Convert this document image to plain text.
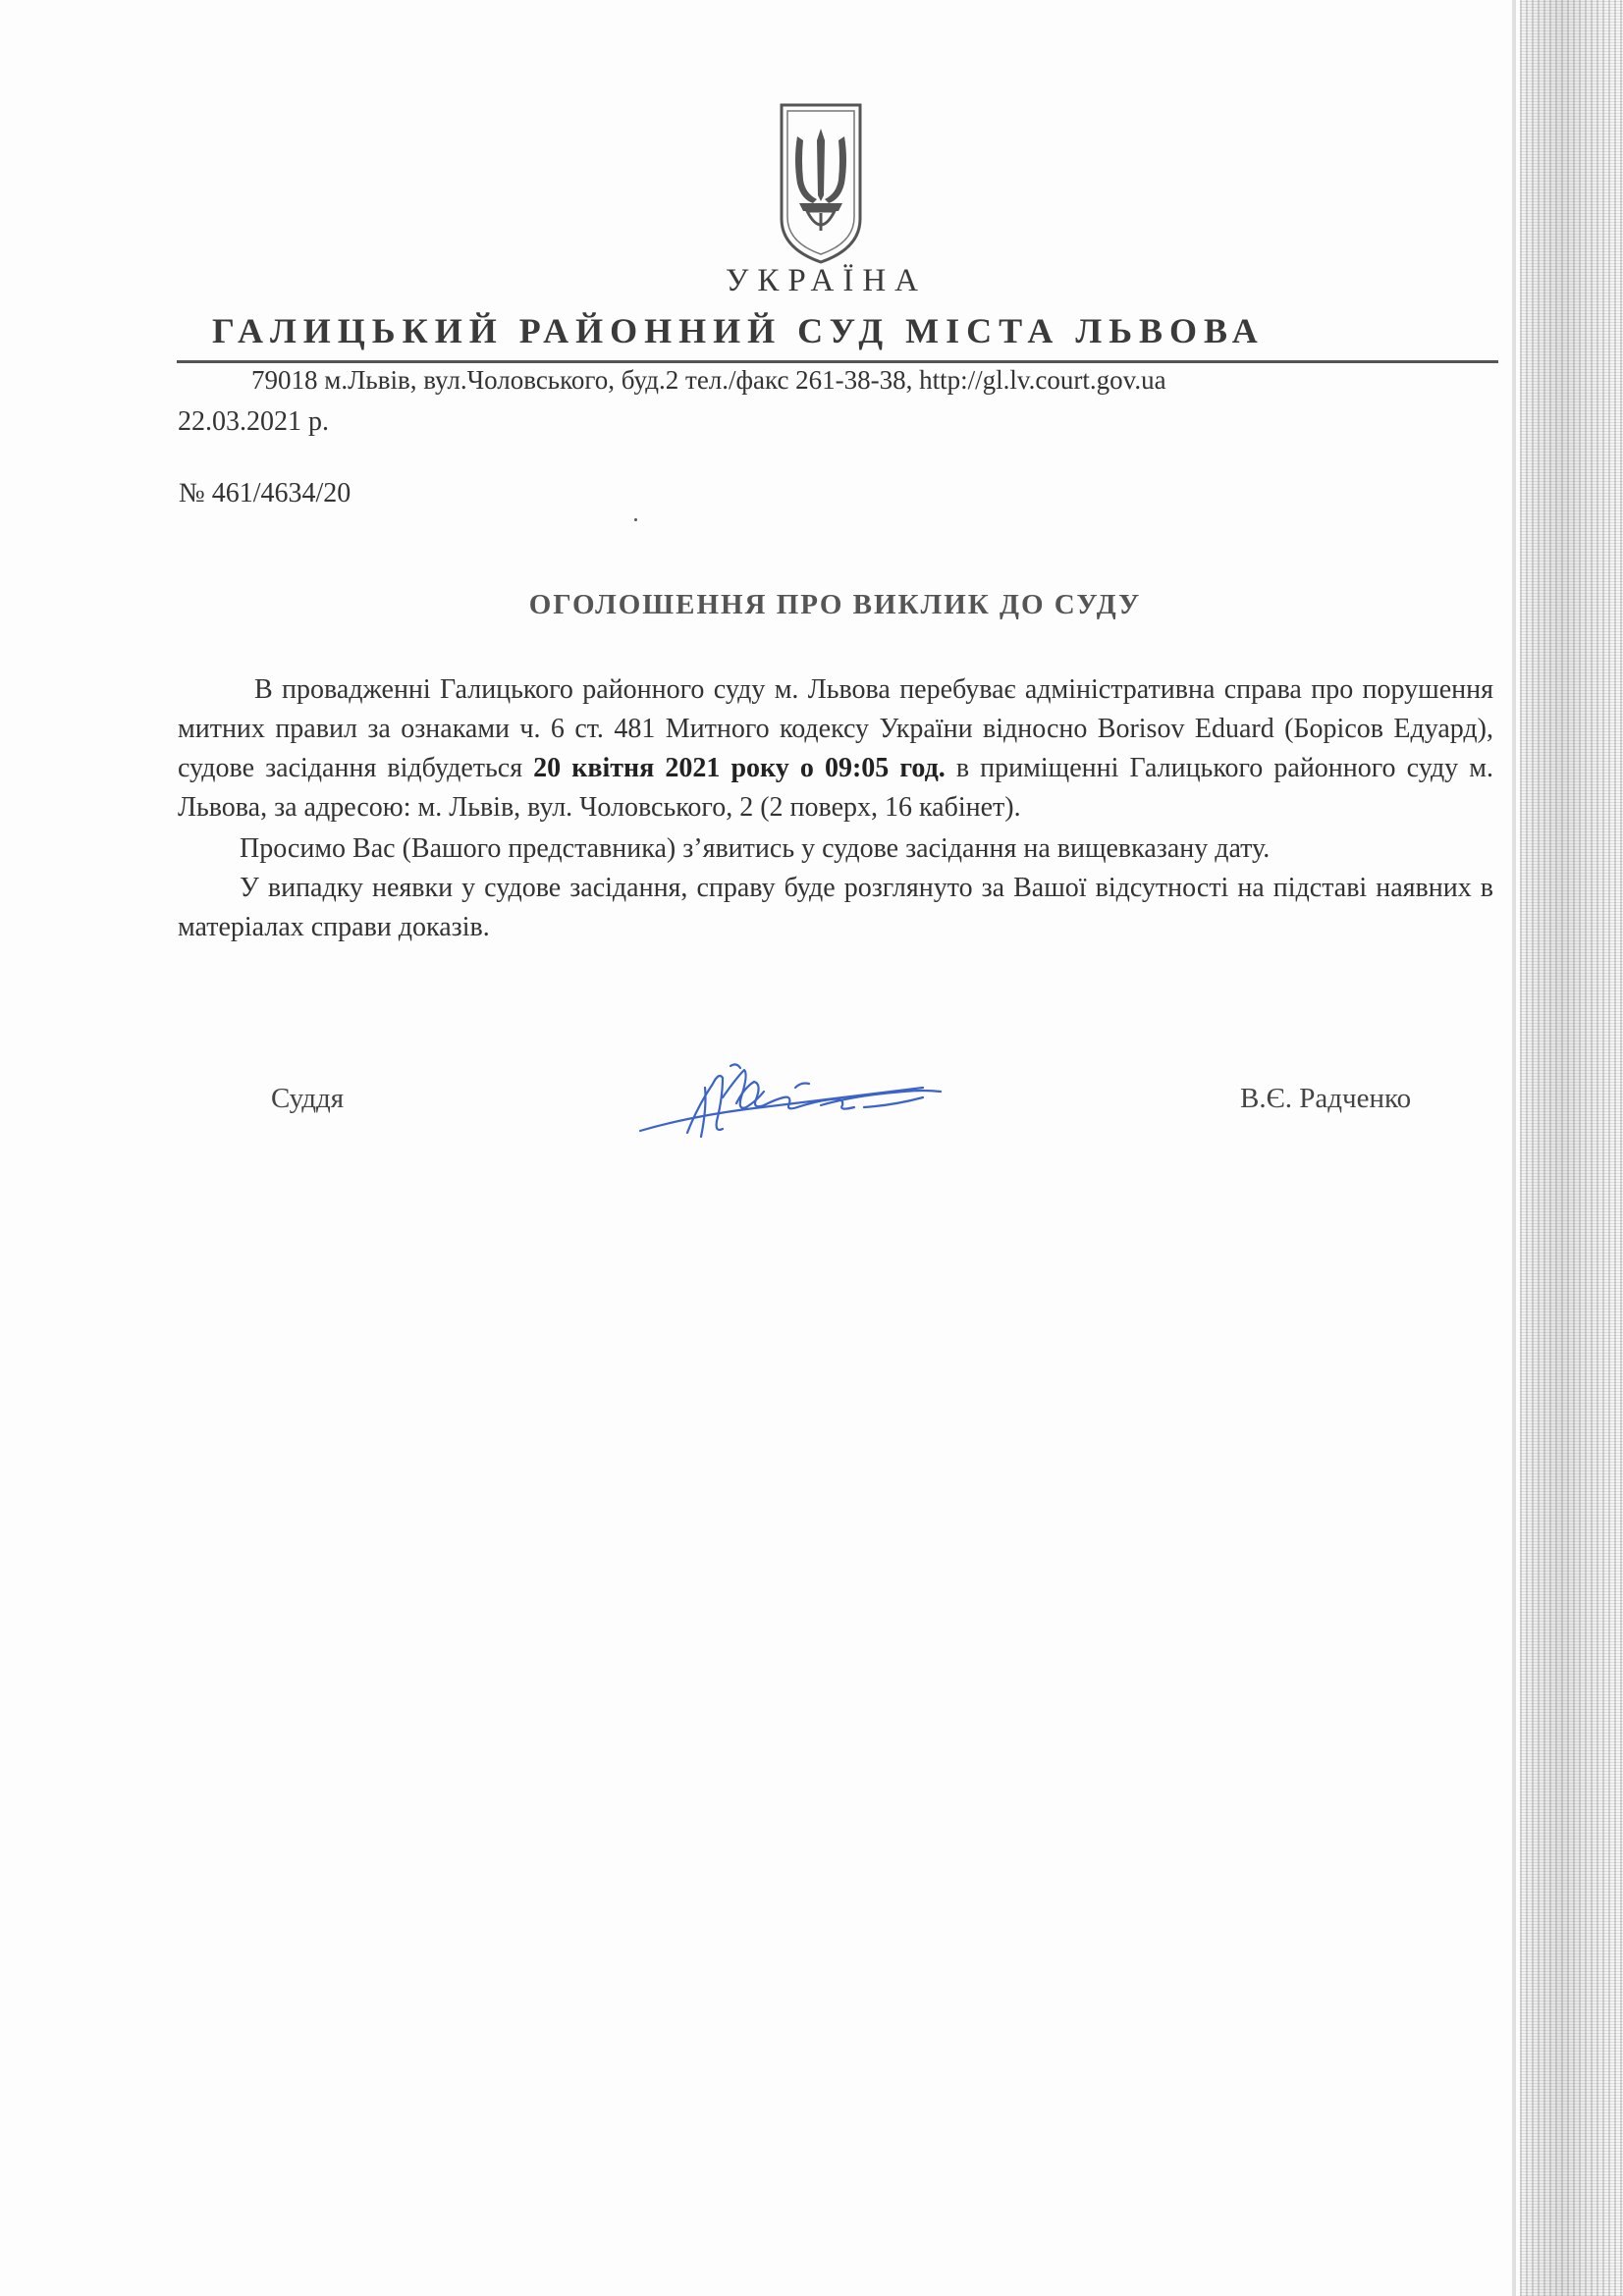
УКРАЇНА
ГАЛИЦЬКИЙ РАЙОННИЙ СУД МІСТА ЛЬВОВА
79018 м.Львів, вул.Чоловського, буд.2 тел./факс 261-38-38, http://gl.lv.court.gov.ua
22.03.2021 р.
№ 461/4634/20
ОГОЛОШЕННЯ ПРО ВИКЛИК ДО СУДУ

В провадженні Галицького районного суду м. Львова перебуває адміністративна справа про порушення митних правил за ознаками ч. 6 ст. 481 Митного кодексу України відносно Borisov Eduard (Борісов Едуард), судове засідання відбудеться 20 квітня 2021 року о 09:05 год. в приміщенні Галицького районного суду м. Львова, за адресою: м. Львів, вул. Чоловського, 2 (2 поверх, 16 кабінет).

Просимо Вас (Вашого представника) з’явитись у судове засідання на вищевказану дату.

У випадку неявки у судове засідання, справу буде розглянуто за Вашої відсутності на підставі наявних в матеріалах справи доказів.

Суддя	В.Є. Радченко
